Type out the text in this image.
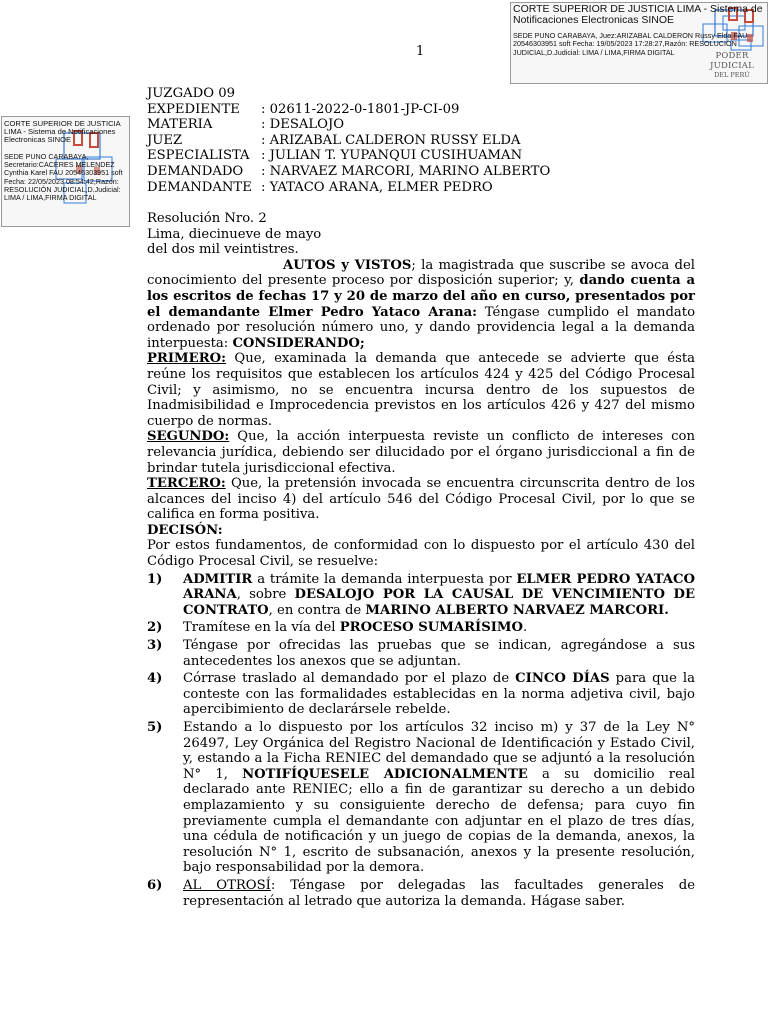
1
CORTE SUPERIOR DE JUSTICIA LIMA - Sistema de Notificaciones Electronicas SINOE
SEDE PUNO CARABAYA, Juez:ARIZABAL CALDERON Russy Elda FAU 20546303951 soft Fecha: 19/05/2023 17:28:27,Razón: RESOLUCIÓN JUDICIAL,D.Judicial: LIMA / LIMA,FIRMA DIGITAL	PODER JUDICIAL
DEL PERÚ
CORTE SUPERIOR DE JUSTICIA LIMA - Sistema de Notificaciones Electronicas SINOE
SEDE PUNO CARABAYA, Secretario:CACERES MELENDEZ Cynthia Karel FAU 20546303951 soft Fecha: 22/05/2023 08:54:42,Razón: RESOLUCIÓN JUDICIAL,D.Judicial: LIMA / LIMA,FIRMA DIGITAL
JUZGADO 09
EXPEDIENTE	: 02611-2022-0-1801-JP-CI-09
MATERIA	: DESALOJO
JUEZ	: ARIZABAL CALDERON RUSSY ELDA
ESPECIALISTA : JULIAN T. YUPANQUI CUSIHUAMAN
DEMANDADO	: NARVAEZ MARCORI, MARINO ALBERTO
DEMANDANTE : YATACO ARANA, ELMER PEDRO

Resolución Nro. 2

Lima, diecinueve de mayo

del dos mil veintistres.

AUTOS y VISTOS; la magistrada que suscribe se avoca del conocimiento del presente proceso por disposición superior; y, dando cuenta a los escritos de fechas 17 y 20 de marzo del año en curso, presentados por el demandante Elmer Pedro Yataco Arana: Téngase cumplido el mandato ordenado por resolución número uno, y dando providencia legal a la demanda interpuesta: CONSIDERANDO;

PRIMERO: Que, examinada la demanda que antecede se advierte que ésta reúne los requisitos que establecen los artículos 424 y 425 del Código Procesal Civil; y asimismo, no se encuentra incursa dentro de los supuestos de Inadmisibilidad e Improcedencia previstos en los artículos 426 y 427 del mismo cuerpo de normas.

SEGUNDO: Que, la acción interpuesta reviste un conflicto de intereses con relevancia jurídica, debiendo ser dilucidado por el órgano jurisdiccional a fin de brindar tutela jurisdiccional efectiva.

TERCERO: Que, la pretensión invocada se encuentra circunscrita dentro de los alcances del inciso 4) del artículo 546 del Código Procesal Civil, por lo que se califica en forma positiva.

DECISÓN:

Por estos fundamentos, de conformidad con lo dispuesto por el artículo 430 del Código Procesal Civil, se resuelve:

1)	ADMITIR a trámite la demanda interpuesta por ELMER PEDRO YATACO ARANA, sobre DESALOJO POR LA CAUSAL DE VENCIMIENTO DE CONTRATO, en contra de MARINO ALBERTO NARVAEZ MARCORI.
2)	Tramítese en la vía del PROCESO SUMARÍSIMO.
3)	Téngase por ofrecidas las pruebas que se indican, agregándose a sus antecedentes los anexos que se adjuntan.
4)	Córrase traslado al demandado por el plazo de CINCO DÍAS para que la conteste con las formalidades establecidas en la norma adjetiva civil, bajo apercibimiento de declarársele rebelde.
5)	Estando a lo dispuesto por los artículos 32 inciso m) y 37 de la Ley N° 26497, Ley Orgánica del Registro Nacional de Identificación y Estado Civil, y, estando a la Ficha RENIEC del demandado que se adjuntó a la resolución N° 1, NOTIFÍQUESELE ADICIONALMENTE a su domicilio real declarado ante RENIEC; ello a fin de garantizar su derecho a un debido emplazamiento y su consiguiente derecho de defensa; para cuyo fin previamente cumpla el demandante con adjuntar en el plazo de tres días, una cédula de notificación y un juego de copias de la demanda, anexos, la resolución N° 1, escrito de subsanación, anexos y la presente resolución, bajo responsabilidad por la demora.
6)	AL OTROSÍ: Téngase por delegadas las facultades generales de representación al letrado que autoriza la demanda. Hágase saber.
